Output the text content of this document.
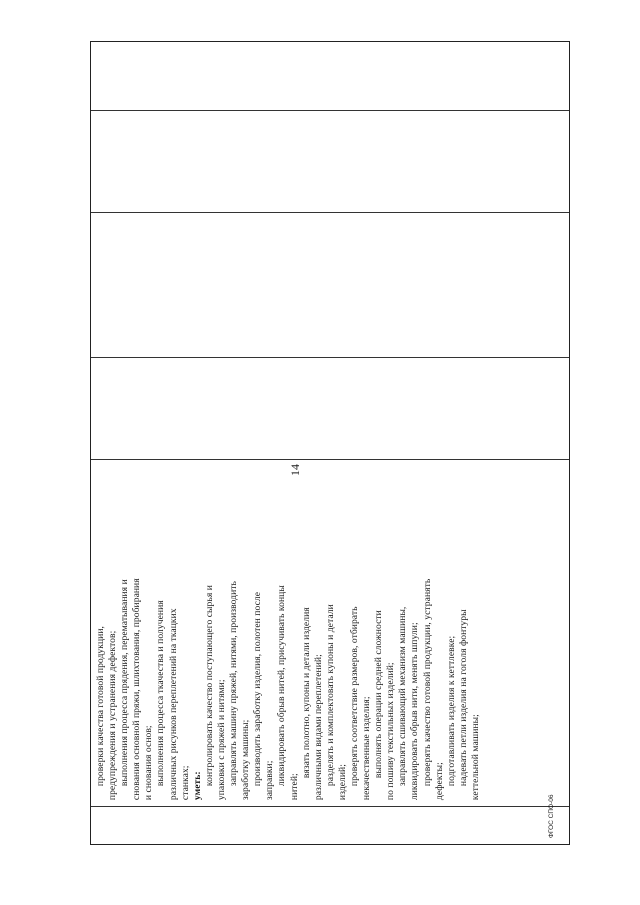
проверки качества готовой продукции, предупреждения и устранения дефектов; выполнения процесса прядения, перематывания и снования основной пряжи, шлихтования, пробирания и снования основ; выполнения процесса ткачества и получения различных рисунков переплетений на ткацких станках; уметь: контролировать качество поступающего сырья и упаковки с пряжей и нитями; заправлять машину пряжей, нитями, производить заработку машины; производить заработку изделия, полотен после заправки; ликвидировать обрыв нитей, присучивать концы
нитей;
вязать полотно, купоны и детали изделия различными видами переплетений; разделять и комплектовать купоны и детали изделий; проверять соответствие размеров, отбирать некачественные изделия; выполнять операции средней сложности по пошиву текстильных изделий; заправлять сшивающий механизм машины, ликвидировать обрыв нити, менять шпули; проверять качество готовой продукции, устранять дефекты; подготавливать изделия к кеттлевке; надевать петли изделия на гоголя фонтуры кеттельной машины;
14
ФГОС СПО-06
